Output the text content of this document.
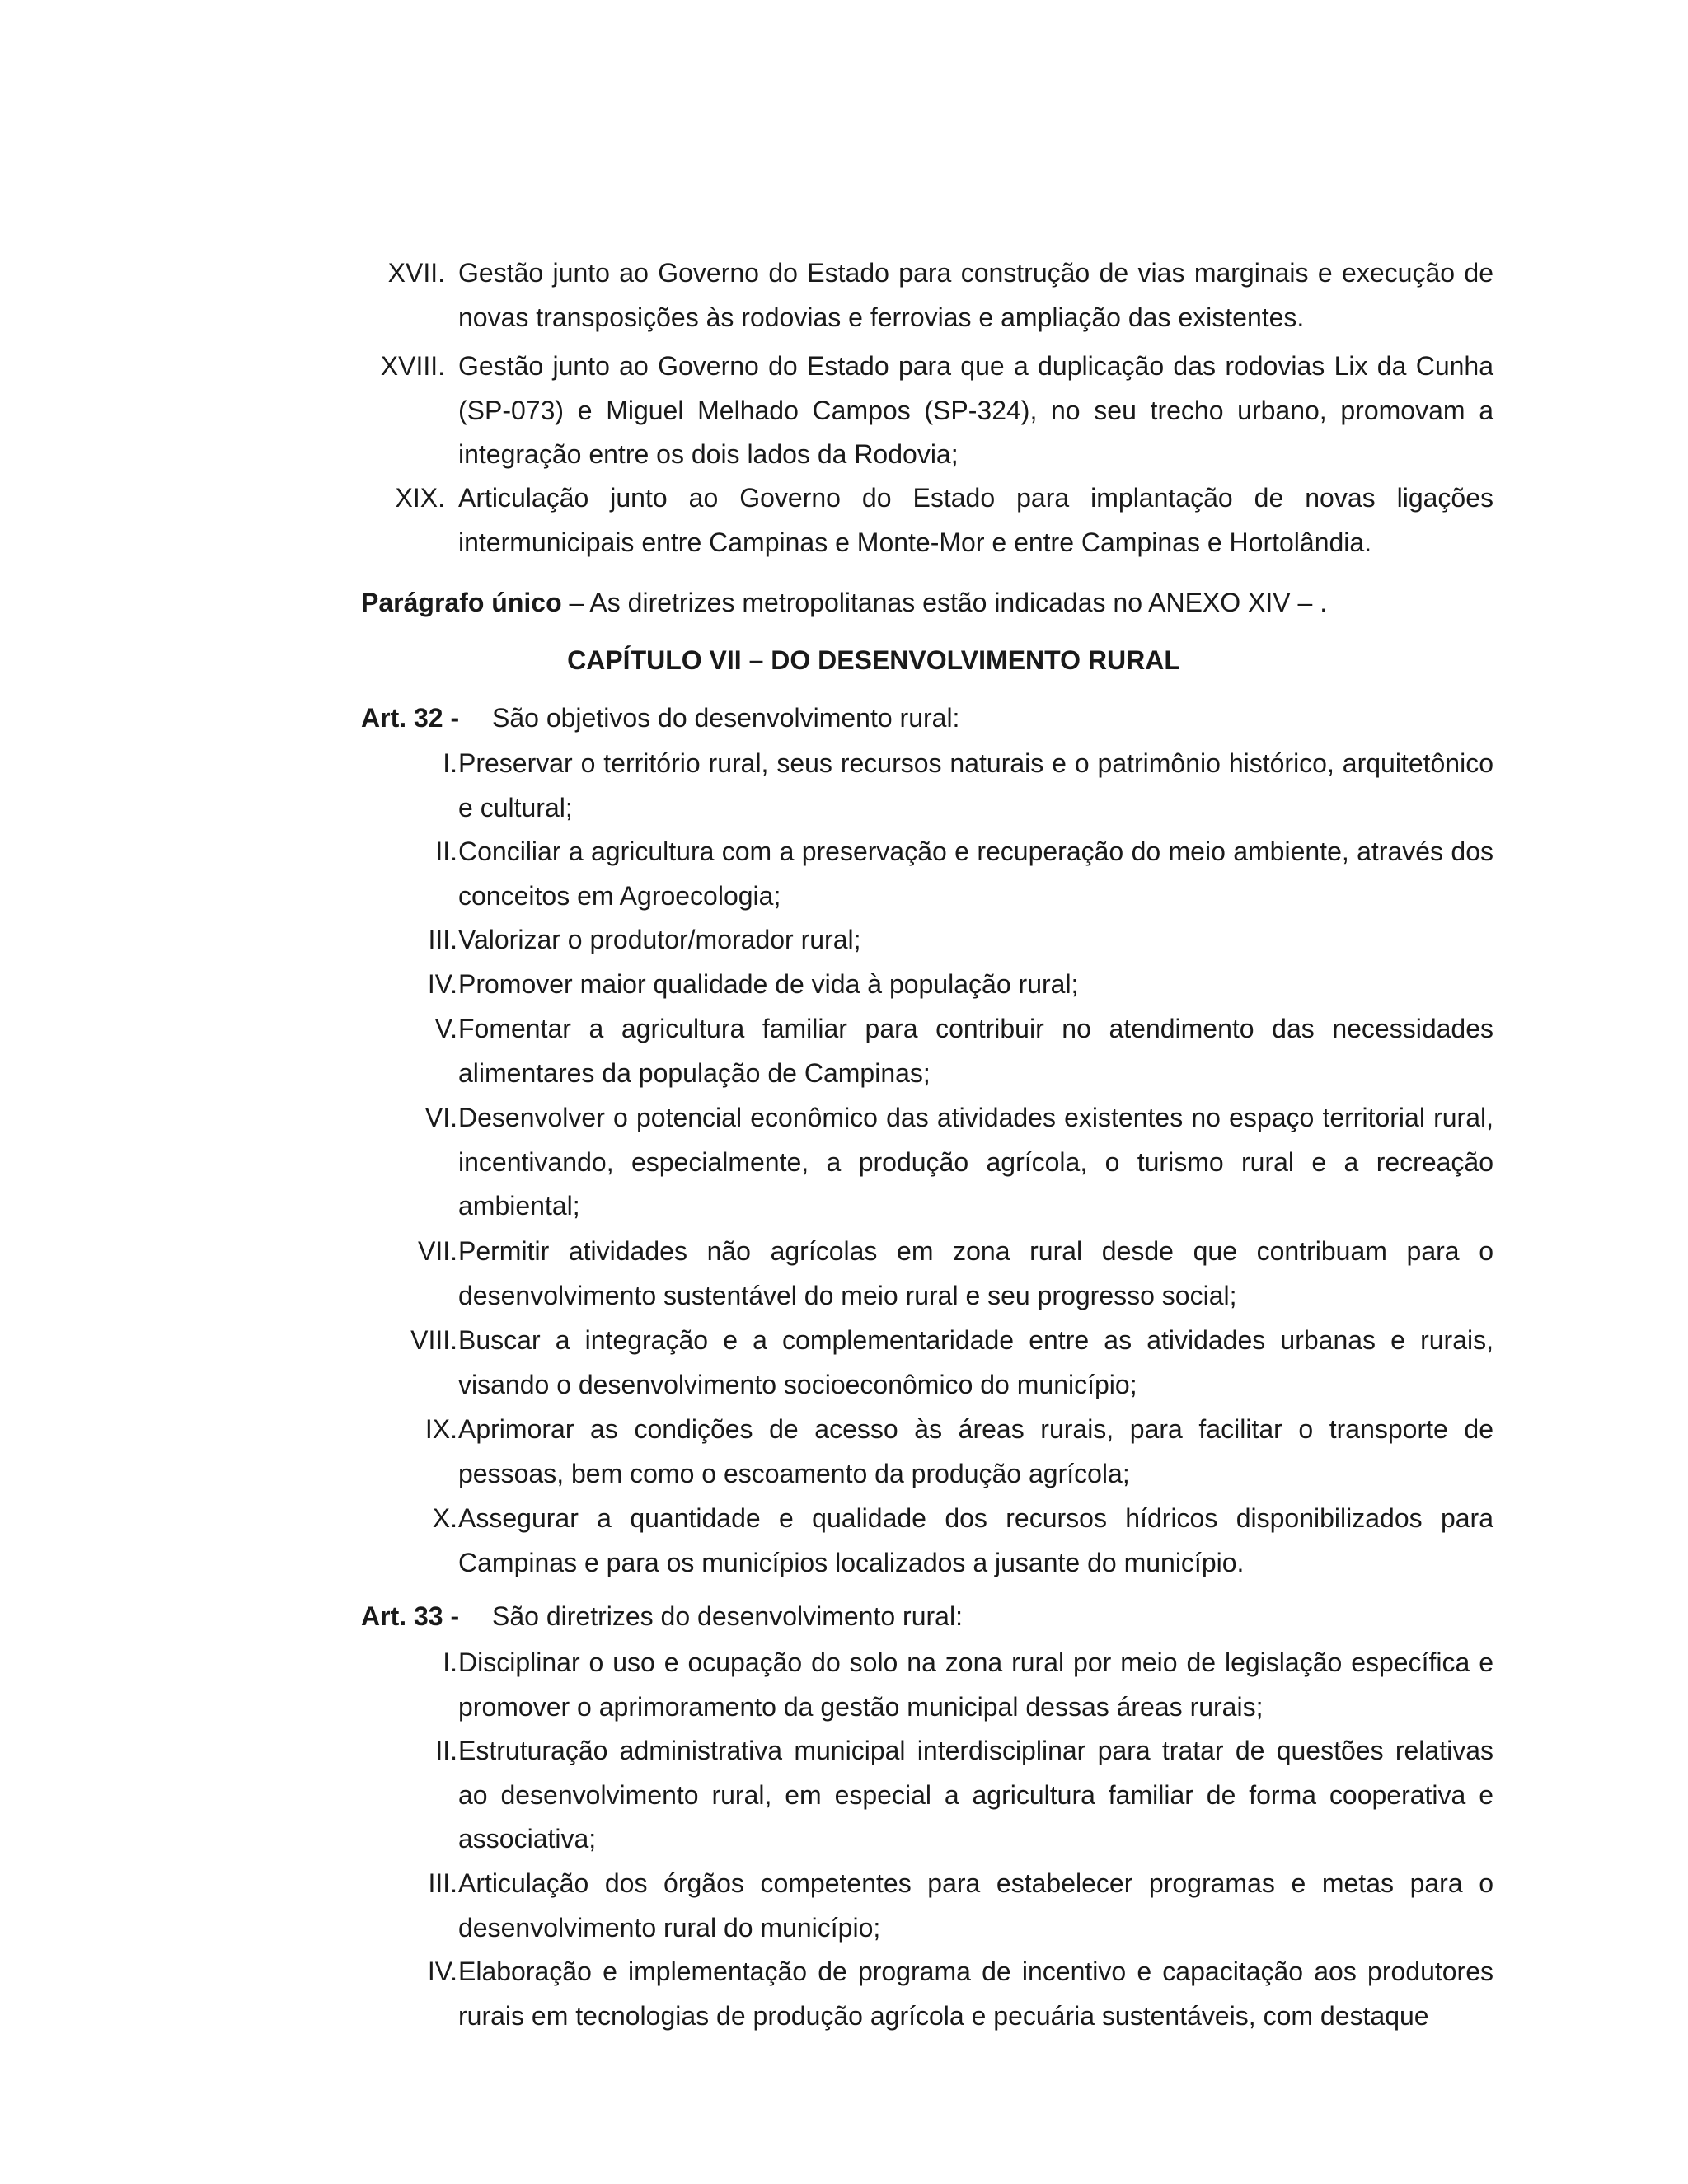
XVII. Gestão junto ao Governo do Estado para construção de vias marginais e execução de novas transposições às rodovias e ferrovias e ampliação das existentes.
XVIII. Gestão junto ao Governo do Estado para que a duplicação das rodovias Lix da Cunha (SP-073) e Miguel Melhado Campos (SP-324), no seu trecho urbano, promovam a integração entre os dois lados da Rodovia;
XIX. Articulação junto ao Governo do Estado para implantação de novas ligações intermunicipais entre Campinas e Monte-Mor e entre Campinas e Hortolândia.
Parágrafo único – As diretrizes metropolitanas estão indicadas no ANEXO XIV – .
CAPÍTULO VII – DO DESENVOLVIMENTO RURAL
Art. 32 - São objetivos do desenvolvimento rural:
I. Preservar o território rural, seus recursos naturais e o patrimônio histórico, arquitetônico e cultural;
II. Conciliar a agricultura com a preservação e recuperação do meio ambiente, através dos conceitos em Agroecologia;
III. Valorizar o produtor/morador rural;
IV. Promover maior qualidade de vida à população rural;
V. Fomentar a agricultura familiar para contribuir no atendimento das necessidades alimentares da população de Campinas;
VI. Desenvolver o potencial econômico das atividades existentes no espaço territorial rural, incentivando, especialmente, a produção agrícola, o turismo rural e a recreação ambiental;
VII. Permitir atividades não agrícolas em zona rural desde que contribuam para o desenvolvimento sustentável do meio rural e seu progresso social;
VIII. Buscar a integração e a complementaridade entre as atividades urbanas e rurais, visando o desenvolvimento socioeconômico do município;
IX. Aprimorar as condições de acesso às áreas rurais, para facilitar o transporte de pessoas, bem como o escoamento da produção agrícola;
X. Assegurar a quantidade e qualidade dos recursos hídricos disponibilizados para Campinas e para os municípios localizados a jusante do município.
Art. 33 - São diretrizes do desenvolvimento rural:
I. Disciplinar o uso e ocupação do solo na zona rural por meio de legislação específica e promover o aprimoramento da gestão municipal dessas áreas rurais;
II. Estruturação administrativa municipal interdisciplinar para tratar de questões relativas ao desenvolvimento rural, em especial a agricultura familiar de forma cooperativa e associativa;
III. Articulação dos órgãos competentes para estabelecer programas e metas para o desenvolvimento rural do município;
IV. Elaboração e implementação de programa de incentivo e capacitação aos produtores rurais em tecnologias de produção agrícola e pecuária sustentáveis, com destaque
